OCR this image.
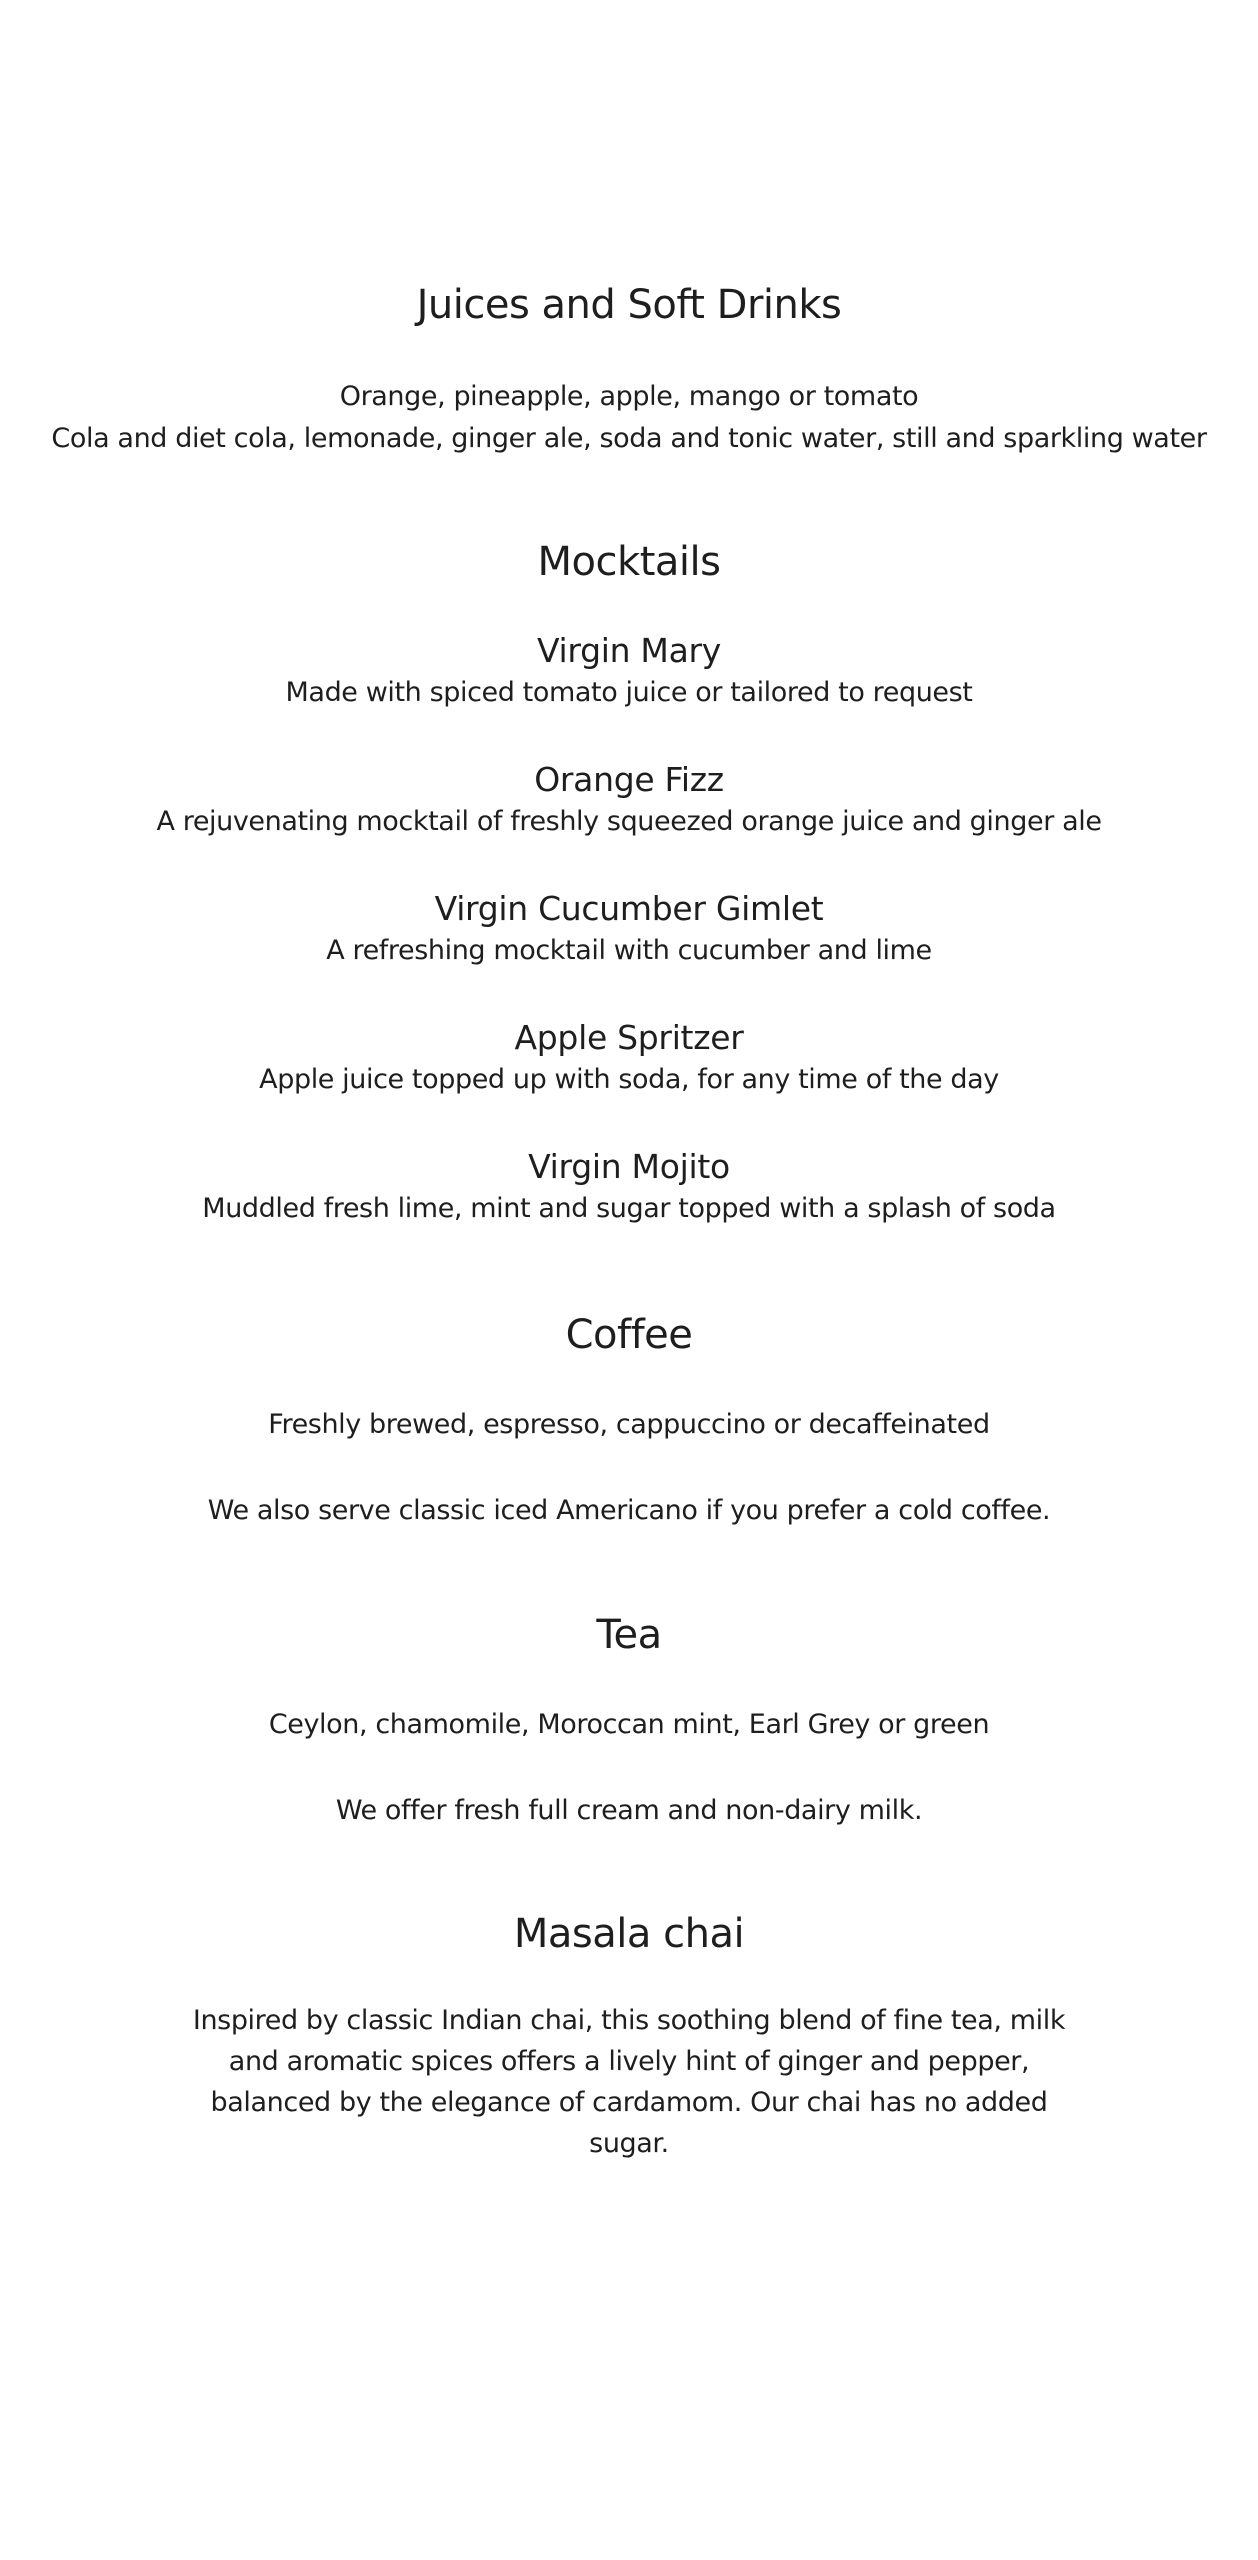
Juices and Soft Drinks

Orange, pineapple, apple, mango or tomato

Cola and diet cola, lemonade, ginger ale, soda and tonic water, still and sparkling water

Mocktails

Virgin Mary

Made with spiced tomato juice or tailored to request

Orange Fizz

A rejuvenating mocktail of freshly squeezed orange juice and ginger ale

Virgin Cucumber Gimlet

A refreshing mocktail with cucumber and lime

Apple Spritzer

Apple juice topped up with soda, for any time of the day

Virgin Mojito

Muddled fresh lime, mint and sugar topped with a splash of soda

Coffee

Freshly brewed, espresso, cappuccino or decaffeinated

We also serve classic iced Americano if you prefer a cold coffee.

Tea

Ceylon, chamomile, Moroccan mint, Earl Grey or green

We offer fresh full cream and non-dairy milk.

Masala chai

Inspired by classic Indian chai, this soothing blend of fine tea, milk and aromatic spices offers a lively hint of ginger and pepper, balanced by the elegance of cardamom. Our chai has no added sugar.
